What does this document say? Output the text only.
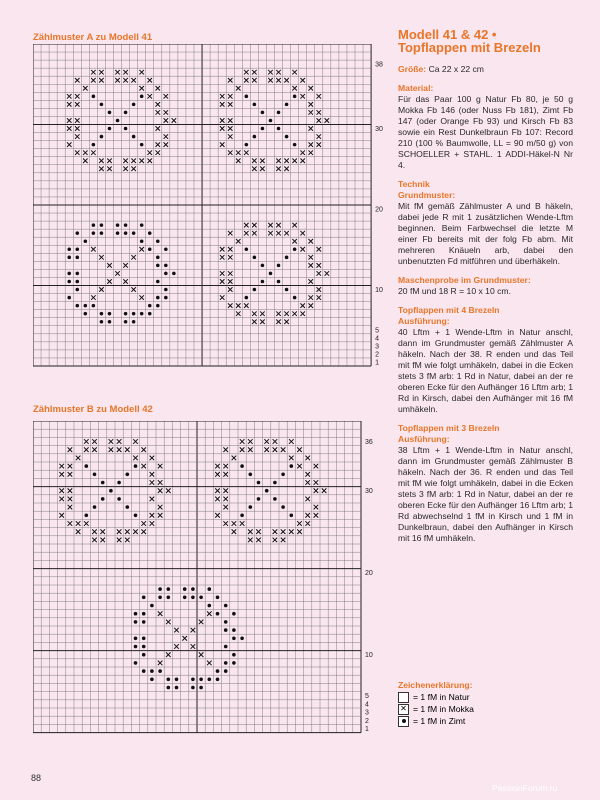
Zählmuster A zu Modell 41
38
30
20
10
5
4
3
2
1
Zählmuster B zu Modell 42
36
30
20
10
5
4
3
2
1
Modell 41 & 42 •
Topflappen mit Brezeln
Größe: Ca 22 x 22 cm
Material:
Für das Paar 100 g Natur Fb 80, je 50 g Mokka Fb 146 (oder Nuss Fb 181), Zimt Fb 147 (oder Orange Fb 93) und Kirsch Fb 83 sowie ein Rest Dunkelbraun Fb 107: Record 210 (100 % Baumwolle, LL = 90 m/50 g) von SCHOELLER + STAHL. 1 ADDI-Häkel-N Nr 4.
Technik
Grundmuster:
Mit fM gemäß Zählmuster A und B häkeln, dabei jede R mit 1 zusätzlichen Wende-Lftm beginnen. Beim Farbwechsel die letzte M einer Fb bereits mit der folg Fb abm. Mit mehreren Knäueln arb, dabei den unbenutzten Fd mitführen und überhäkeln.
Maschenprobe im Grundmuster:
20 fM und 18 R = 10 x 10 cm.
Topflappen mit 4 Brezeln
Ausführung:
40 Lftm + 1 Wende-Lftm in Natur anschl, dann im Grundmuster gemäß Zählmuster A häkeln. Nach der 38. R enden und das Teil mit fM wie folgt umhäkeln, dabei in die Ecken stets 3 fM arb: 1 Rd in Natur, dabei an der re oberen Ecke für den Aufhänger 16 Lftm arb; 1 Rd in Kirsch, dabei den Aufhänger mit 16 fM umhäkeln.
Topflappen mit 3 Brezeln
Ausführung:
38 Lftm + 1 Wende-Lftm in Natur anschl, dann im Grundmuster gemäß Zählmuster B häkeln. Nach der 36. R enden und das Teil mit fM wie folgt umhäkeln, dabei in die Ecken stets 3 fM arb: 1 Rd in Natur, dabei an der re oberen Ecke für den Aufhänger 16 Lftm arb; 1 Rd abwechselnd 1 fM in Kirsch und 1 fM in Dunkelbraun, dabei den Aufhänger in Kirsch mit 16 fM umhäkeln.
Zeichenerklärung:
= 1 fM in Natur
✕ = 1 fM in Mokka
= 1 fM in Zimt
88
PassionForum.ru
